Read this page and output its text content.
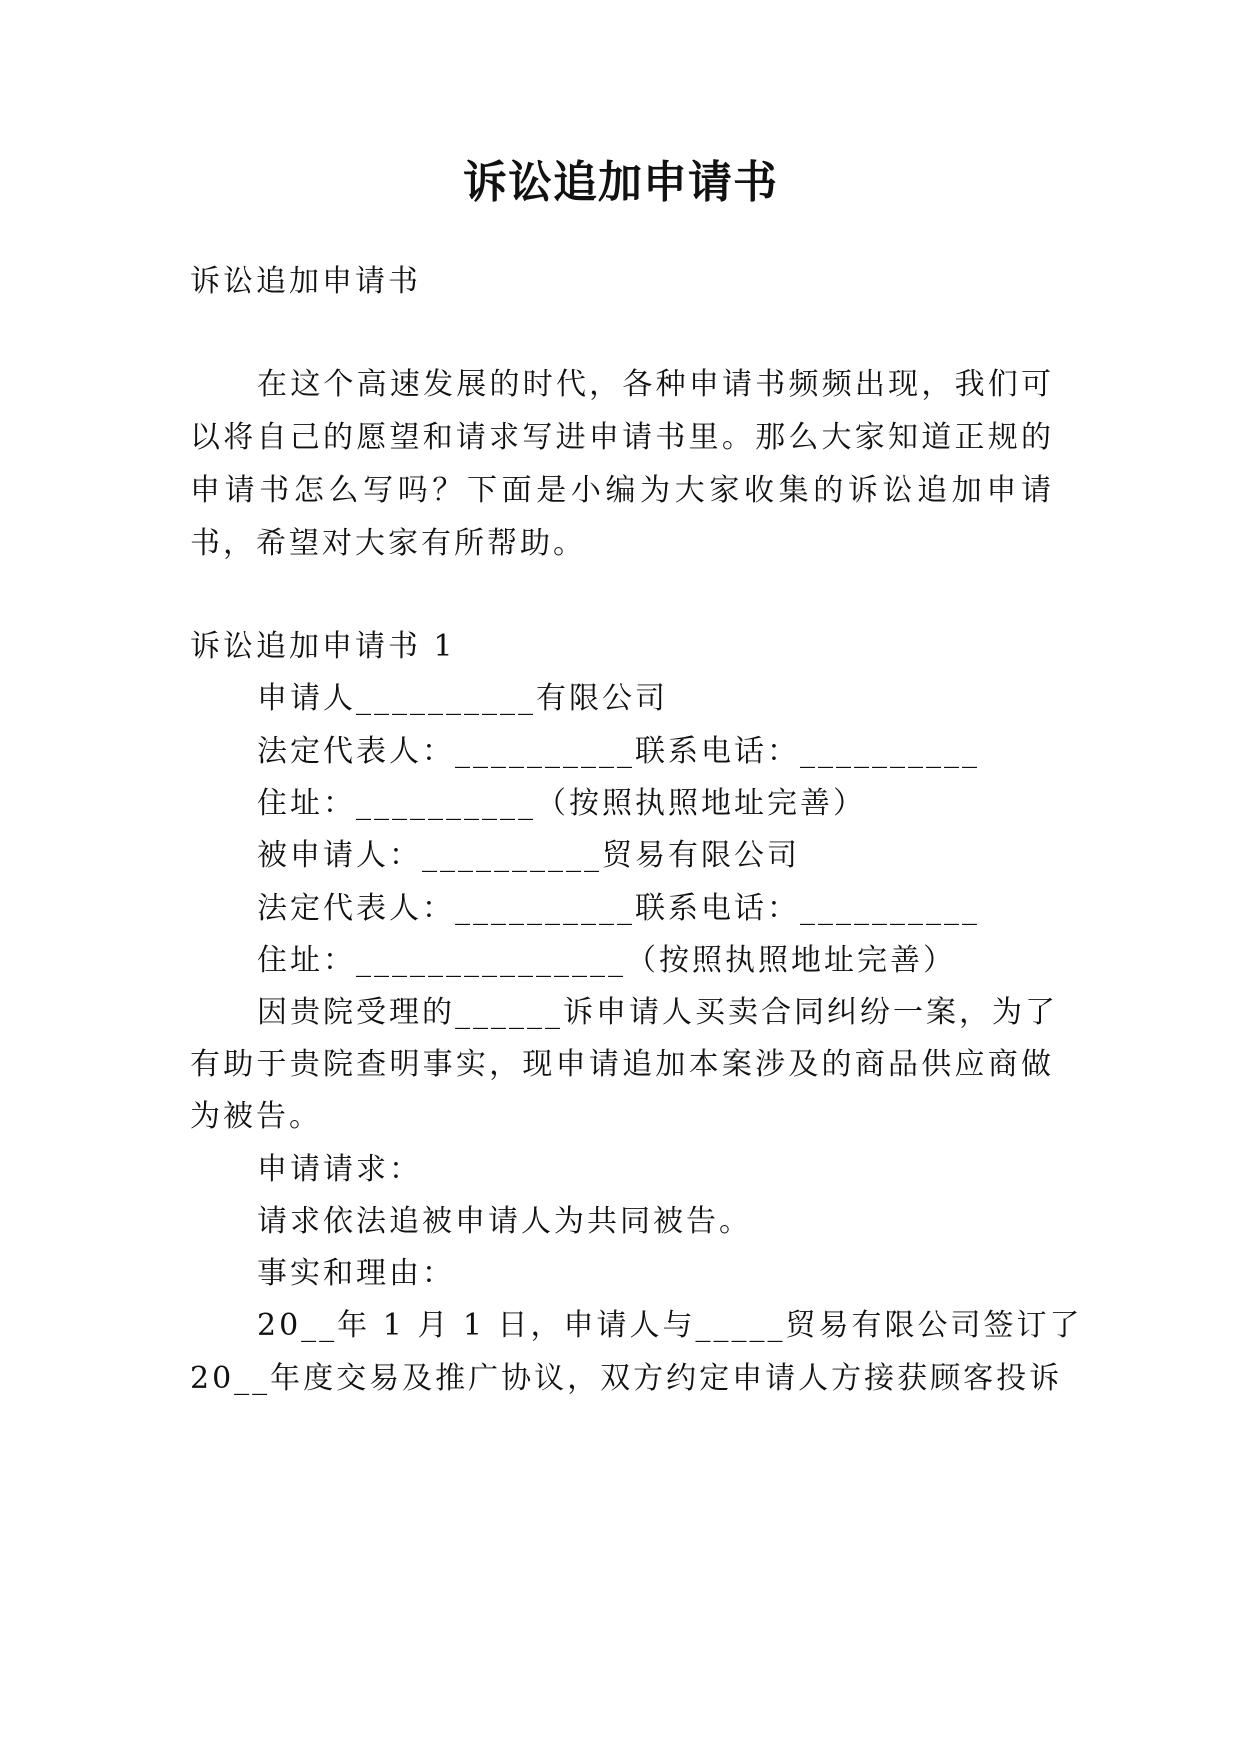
诉讼追加申请书
诉讼追加申请书
在这个高速发展的时代，各种申请书频频出现，我们可
以将自己的愿望和请求写进申请书里。那么大家知道正规的
申请书怎么写吗？下面是小编为大家收集的诉讼追加申请
书，希望对大家有所帮助。
诉讼追加申请书 1
申请人__________有限公司
法定代表人：__________联系电话：__________
住址：__________（按照执照地址完善）
被申请人：__________贸易有限公司
法定代表人：__________联系电话：__________
住址：_______________（按照执照地址完善）
因贵院受理的______诉申请人买卖合同纠纷一案，为了
有助于贵院查明事实，现申请追加本案涉及的商品供应商做
为被告。
申请请求：
请求依法追被申请人为共同被告。
事实和理由：
20__年 1 月 1 日，申请人与_____贸易有限公司签订了
20__年度交易及推广协议，双方约定申请人方接获顾客投诉
